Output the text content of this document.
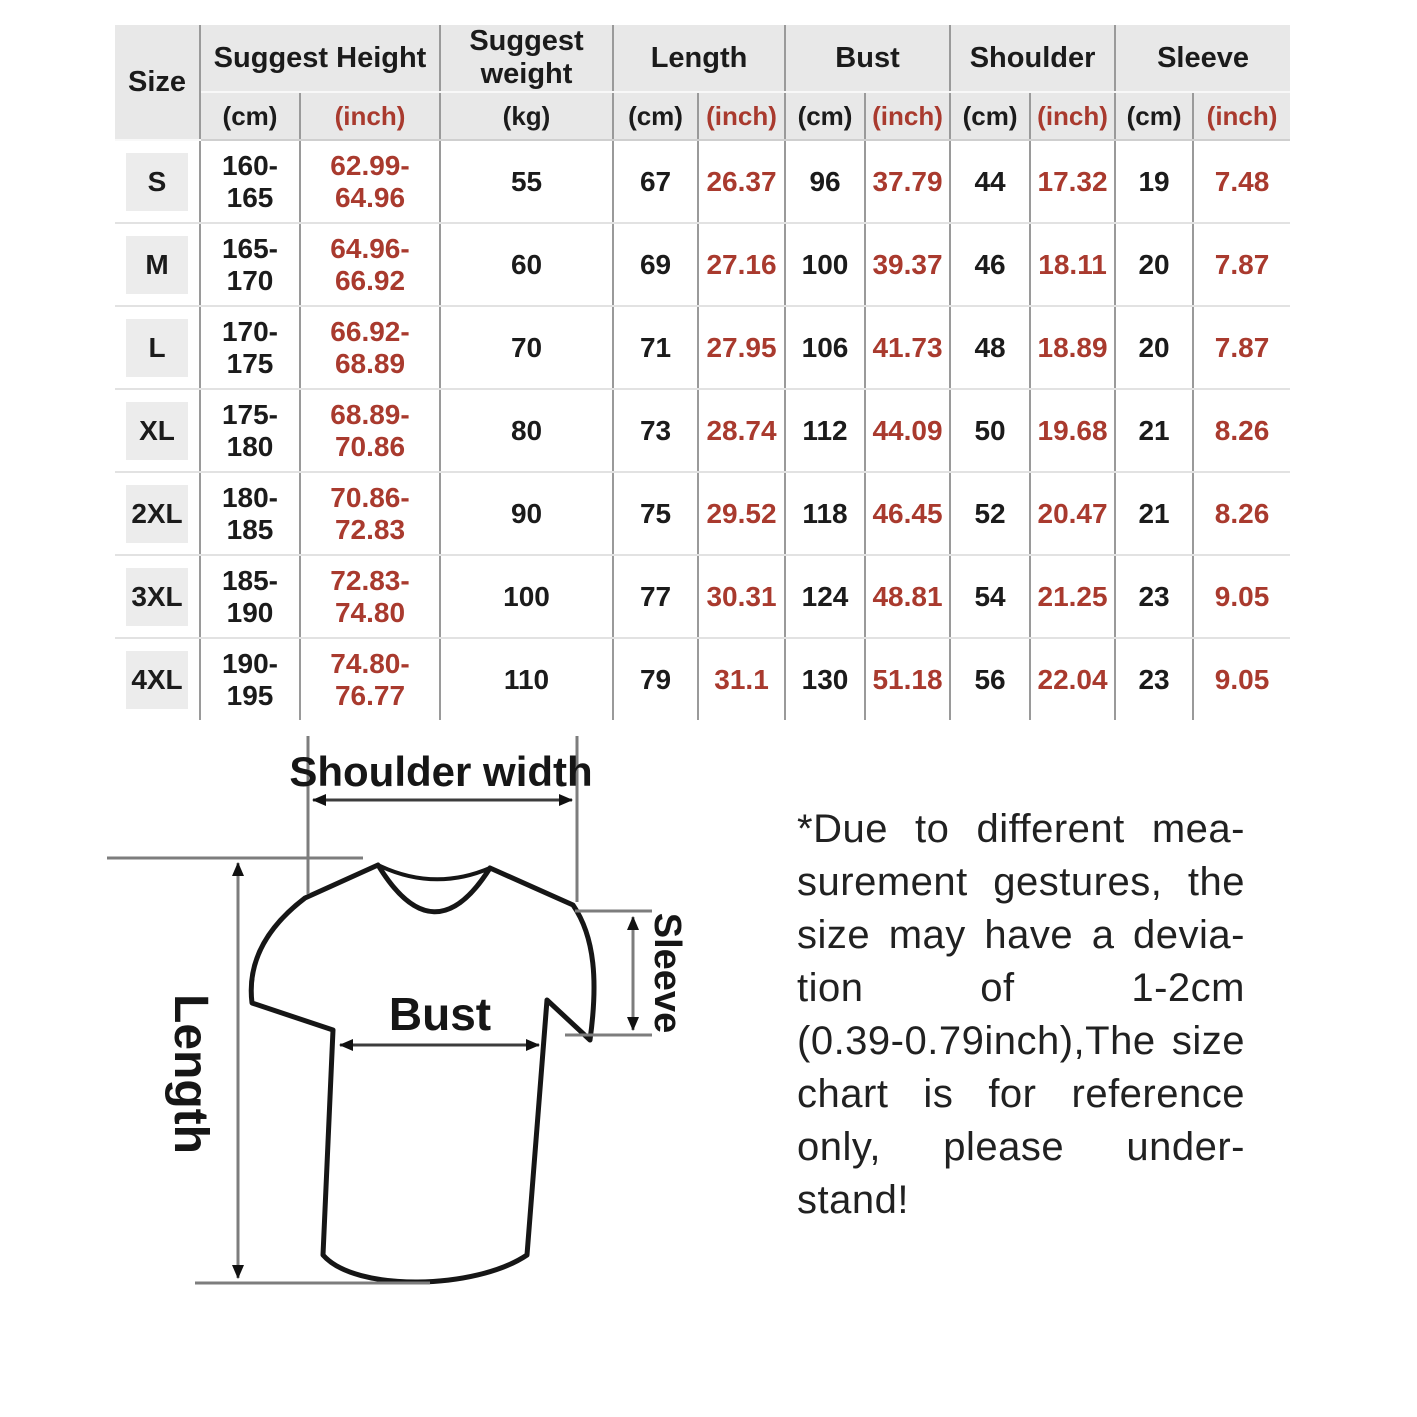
Size	Suggest Height		Suggest weight	Length		Bust		Shoulder		Sleeve	
	(cm)	(inch)	(kg)	(cm)	(inch)	(cm)	(inch)	(cm)	(inch)	(cm)	(inch)

S	160-165	62.99-64.96	55	67	26.37	96	37.79	44	17.32	19	7.48

M	165-170	64.96-66.92	60	69	27.16	100	39.37	46	18.11	20	7.87

L	170-175	66.92-68.89	70	71	27.95	106	41.73	48	18.89	20	7.87

XL	175-180	68.89-70.86	80	73	28.74	112	44.09	50	19.68	21	8.26

2XL	180-185	70.86-72.83	90	75	29.52	118	46.45	52	20.47	21	8.26

3XL	185-190	72.83-74.80	100	77	30.31	124	48.81	54	21.25	23	9.05

4XL	190-195	74.80-76.77	110	79	31.1	130	51.18	56	22.04	23	9.05
Shoulder width
Length	Bust	Sleeve
*Due to different mea-
surement gestures, the
size may have a devia-
tion of 1-2cm
(0.39-0.79inch),The size
chart is for reference
only, please under-
stand!
